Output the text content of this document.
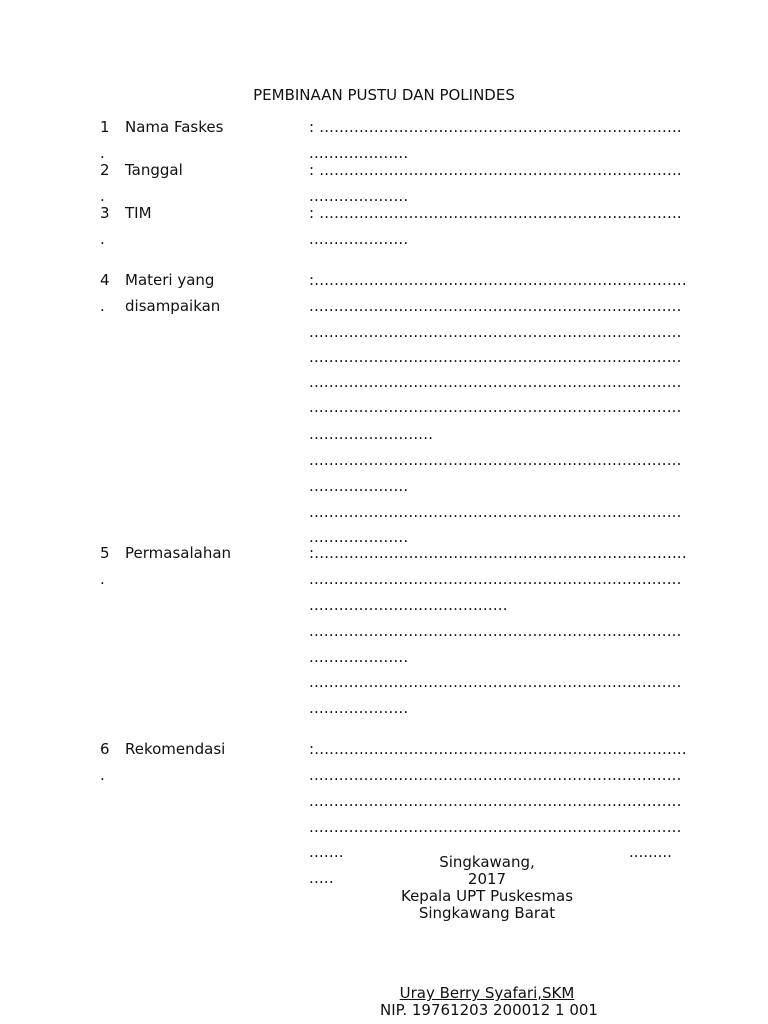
PEMBINAAN PUSTU DAN POLINDES
1
.
Nama Faskes	: .........................................................................
....................
2
.
Tanggal	: .........................................................................
....................
3
.
TIM	: .........................................................................
....................
4
.
Materi yang
disampaikan
:...........................................................................
...........................................................................
...........................................................................
...........................................................................
...........................................................................
...........................................................................
.........................
...........................................................................
....................
...........................................................................
....................
5
.
Permasalahan	:...........................................................................
...........................................................................
........................................
...........................................................................
....................
...........................................................................
....................
6
.
Rekomendasi	:...........................................................................
...........................................................................
...........................................................................
...........................................................................
.......
.....
.........
Singkawang,
2017
Kepala UPT Puskesmas
Singkawang Barat
Uray Berry Syafari,SKM
NIP. 19761203 200012 1 001
